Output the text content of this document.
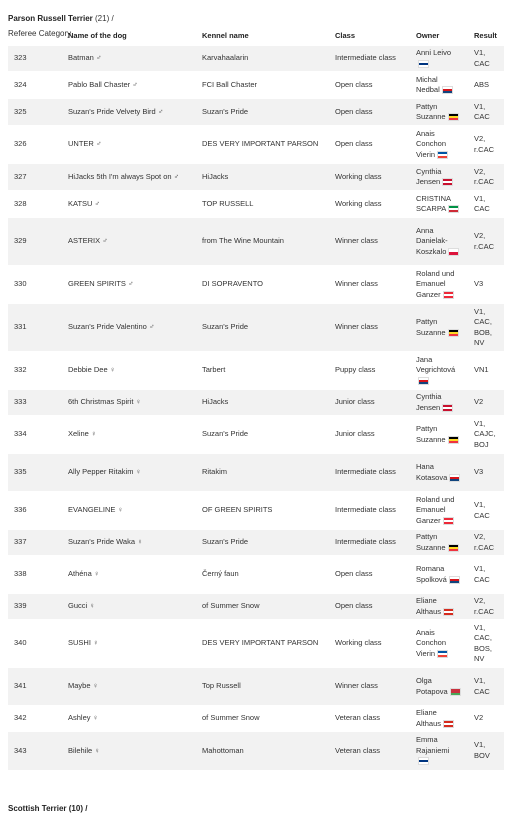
Parson Russell Terrier (21) /
Referee Category
	Name of the dog	Kennel name	Class	Owner	Result
323	Batman ♂	Karvahaalarin	Intermediate class	Anni Leivo	V1,
CAC
324	Pablo Ball Chaster ♂	FCI Ball Chaster	Open class	Michal
Nedbal	ABS
325	Suzan's Pride Velvety Bird ♂	Suzan's Pride	Open class	Pattyn
Suzanne	V1,
CAC
326	UNTER ♂	DES VERY IMPORTANT PARSON	Open class	Anais
Conchon
Vierin	V2,
r.CAC
327	HiJacks 5th I'm always Spot on ♂	HiJacks	Working class	Cynthia
Jensen	V2,
r.CAC
328	KATSU ♂	TOP RUSSELL	Working class	CRISTINA
SCARPA	V1,
CAC
329	ASTERIX ♂	from The Wine Mountain	Winner class	Anna
Danielak-
Koszkalo	V2,
r.CAC
330	GREEN SPIRITS ♂	DI SOPRAVENTO	Winner class	Roland und
Emanuel
Ganzer	V3
331	Suzan's Pride Valentino ♂	Suzan's Pride	Winner class	Pattyn
Suzanne	V1,
CAC,
BOB,
NV
332	Debbie Dee ♀	Tarbert	Puppy class	Jana
Vegrichtová	VN1
333	6th Christmas Spirit ♀	HiJacks	Junior class	Cynthia
Jensen	V2
334	Xeline ♀	Suzan's Pride	Junior class	Pattyn
Suzanne	V1,
CAJC,
BOJ
335	Ally Pepper Ritakim ♀	Ritakim	Intermediate class	Hana
Kotasova	V3
336	EVANGELINE ♀	OF GREEN SPIRITS	Intermediate class	Roland und
Emanuel
Ganzer	V1,
CAC
337	Suzan's Pride Waka ♀	Suzan's Pride	Intermediate class	Pattyn
Suzanne	V2,
r.CAC
338	Athéna ♀	Černý faun	Open class	Romana
Spolková	V1,
CAC
339	Gucci ♀	of Summer Snow	Open class	Eliane
Althaus	V2,
r.CAC
340	SUSHI ♀	DES VERY IMPORTANT PARSON	Working class	Anais
Conchon
Vierin	V1,
CAC,
BOS,
NV
341	Maybe ♀	Top Russell	Winner class	Olga
Potapova	V1,
CAC
342	Ashley ♀	of Summer Snow	Veteran class	Eliane
Althaus	V2
343	Bilehile ♀	Mahottoman	Veteran class	Emma
Rajaniemi	V1,
BOV
Scottish Terrier (10) /
